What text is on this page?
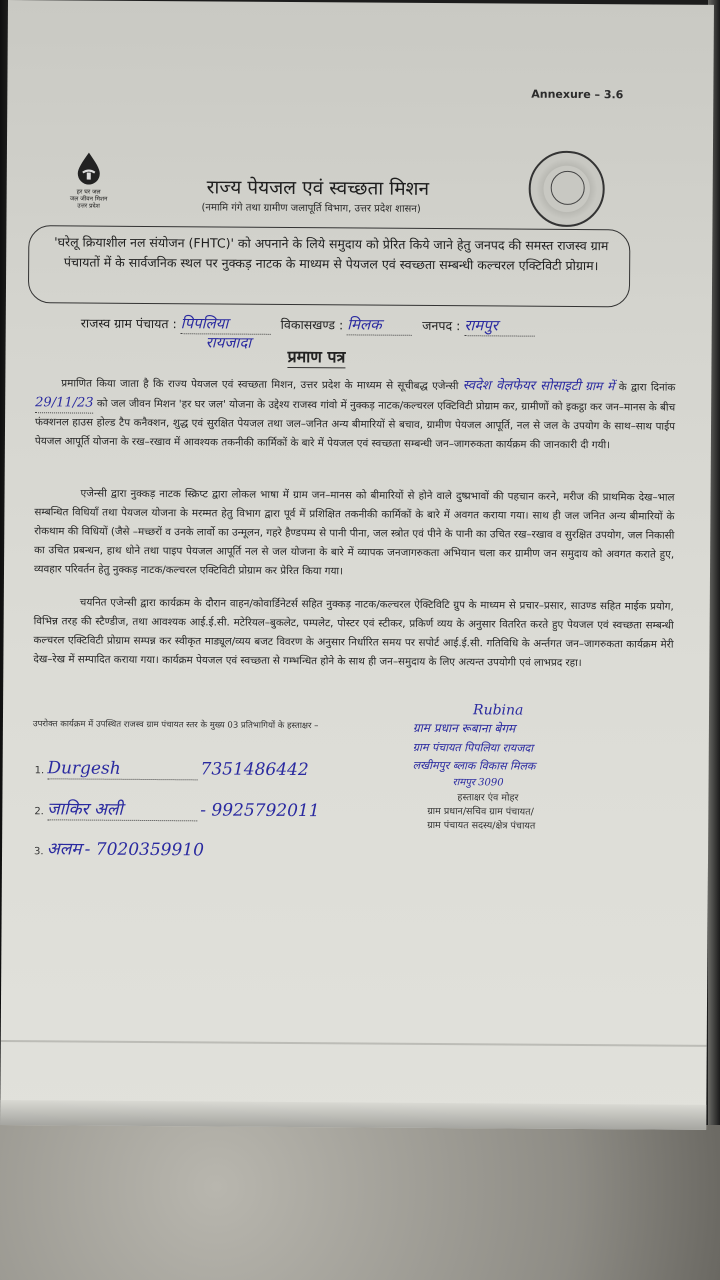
Annexure – 3.6
हर घर जल
जल जीवन मिशन
उत्तर प्रदेश
राज्य पेयजल एवं स्वच्छता मिशन
(नमामि गंगे तथा ग्रामीण जलापूर्ति विभाग, उत्तर प्रदेश शासन)
'घरेलू क्रियाशील नल संयोजन (FHTC)' को अपनाने के लिये समुदाय को प्रेरित किये जाने हेतु जनपद की समस्त राजस्व ग्राम पंचायतों में के सार्वजनिक स्थल पर नुक्कड़ नाटक के माध्यम से पेयजल एवं स्वच्छता सम्बन्धी कल्चरल एक्टिविटी प्रोग्राम।
राजस्व ग्राम पंचायत : पिपलिया	विकासखण्ड : मिलक	जनपद : रामपुर
रायजादा
प्रमाण पत्र
प्रमाणित किया जाता है कि राज्य पेयजल एवं स्वच्छता मिशन, उत्तर प्रदेश के माध्यम से सूचीबद्ध एजेन्सी स्वदेश वेलफेयर सोसाइटी ग्राम में के द्वारा दिनांक 29/11/23 को जल जीवन मिशन 'हर घर जल' योजना के उद्देश्य राजस्व गांवो में नुक्कड़ नाटक/कल्चरल एक्टिविटी प्रोग्राम कर, ग्रामीणों को इकट्ठा कर जन–मानस के बीच फंक्शनल हाउस होल्ड टैप कनैक्शन, शुद्ध एवं सुरक्षित पेयजल तथा जल–जनित अन्य बीमारियों से बचाव, ग्रामीण पेयजल आपूर्ति, नल से जल के उपयोग के साथ–साथ पाईप पेयजल आपूर्ति योजना के रख–रखाव में आवश्यक तकनीकी कार्मिकों के बारे में पेयजल एवं स्वच्छता सम्बन्धी जन–जागरुकता कार्यक्रम की जानकारी दी गयी।
एजेन्सी द्वारा नुक्कड़ नाटक स्क्रिप्ट द्वारा लोकल भाषा में ग्राम जन–मानस को बीमारियों से होने वाले दुष्प्रभावों की पहचान करने, मरीज की प्राथमिक देख–भाल सम्बन्धित विधियाँ तथा पेयजल योजना के मरम्मत हेतु विभाग द्वारा पूर्व में प्रशिक्षित तकनीकी कार्मिकों के बारे में अवगत कराया गया। साथ ही जल जनित अन्य बीमारियों के रोकथाम की विधियों (जैसे –मच्छरों व उनके लार्वो का उन्मूलन, गहरे हैण्डपम्प से पानी पीना, जल स्त्रोत एवं पीने के पानी का उचित रख–रखाव व सुरक्षित उपयोग, जल निकासी का उचित प्रबन्धन, हाथ धोने तथा पाइप पेयजल आपूर्ति नल से जल योजना के बारे में व्यापक जनजागरुकता अभियान चला कर ग्रामीण जन समुदाय को अवगत कराते हुए, व्यवहार परिवर्तन हेतु नुक्कड़ नाटक/कल्चरल एक्टिविटी प्रोग्राम कर प्रेरित किया गया।
चयनित एजेन्सी द्वारा कार्यक्रम के दौरान वाहन/कोवार्डिनेटर्स सहित नुक्कड़ नाटक/कल्चरल ऐक्टिविटि ग्रुप के माध्यम से प्रचार–प्रसार, साउण्ड सहित माईक प्रयोग, विभिन्न तरह की स्टैण्डीज, तथा आवश्यक आई.ई.सी. मटेरियल–बुकलेट, पम्पलेट, पोस्टर एवं स्टीकर, प्रकिर्ण व्यय के अनुसार वितरित करते हुए पेयजल एवं स्वच्छता सम्बन्धी कल्चरल एक्टिविटी प्रोग्राम सम्पन्न कर स्वीकृत माड्यूल/व्यय बजट विवरण के अनुसार निर्धारित समय पर सपोर्ट आई.ई.सी. गतिविधि के अर्न्तगत जन–जागरुकता कार्यक्रम मेरी देख–रेख में सम्पादित कराया गया। कार्यक्रम पेयजल एवं स्वच्छता से गम्भन्धित होने के साथ ही जन–समुदाय के लिए अत्यन्त उपयोगी एवं लाभप्रद रहा।
उपरोक्त कार्यक्रम में उपस्थित राजस्व ग्राम पंचायत स्तर के मुख्य 03 प्रतिभागियों के हस्ताक्षर –
1. Durgesh	7351486442
2. जाकिर अली	- 9925792011
3. अलम - 7020359910
Rubina
ग्राम प्रधान रूबाना बेगम
ग्राम पंचायत पिपलिया रायजदा
लखीमपुर ब्लाक विकास मिलक
रामपुर 3090
हस्ताक्षर एंव मोहर
ग्राम प्रधान/सचिव ग्राम पंचायत/
ग्राम पंचायत सदस्य/क्षेत्र पंचायत
